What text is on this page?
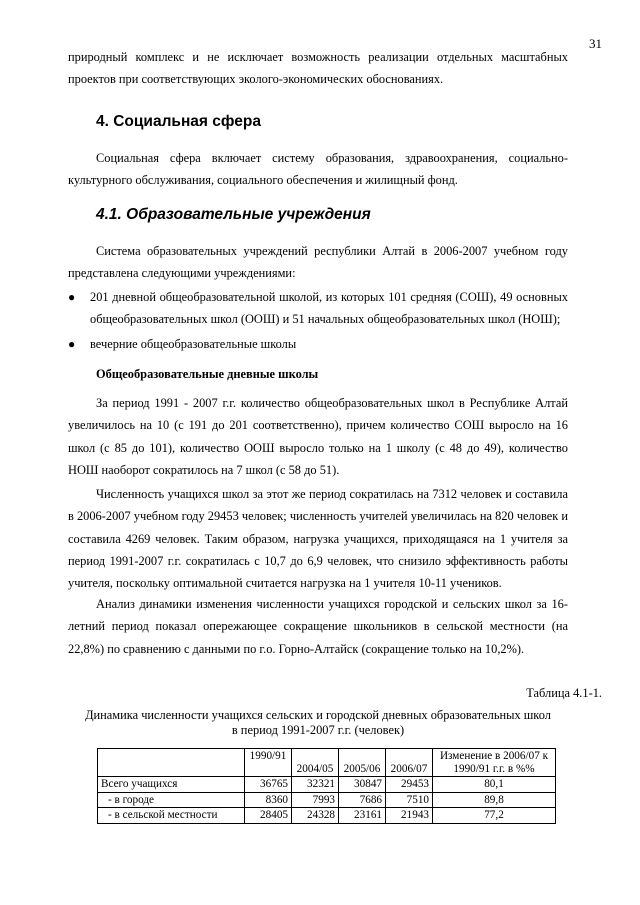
31

природный комплекс и не исключает возможность реализации отдельных масштабных проектов при соответствующих эколого-экономических обоснованиях.

4. Социальная сфера

Социальная сфера включает систему образования, здравоохранения, социально-культурного обслуживания, социального обеспечения и жилищный фонд.

4.1. Образовательные учреждения

Система образовательных учреждений республики Алтай в 2006-2007 учебном году представлена следующими учреждениями:

● 201 дневной общеобразовательной школой, из которых 101 средняя (СОШ), 49 основных общеобразовательных школ (ООШ) и 51 начальных общеобразовательных школ (НОШ);
● вечерние общеобразовательные школы

Общеобразовательные дневные школы

За период 1991 - 2007 г.г. количество общеобразовательных школ в Республике Алтай увеличилось на 10 (с 191 до 201 соответственно), причем количество СОШ выросло на 16 школ (с 85 до 101), количество ООШ выросло только на 1 школу (с 48 до 49), количество НОШ наоборот сократилось на 7 школ (с 58 до 51).

Численность учащихся школ за этот же период сократилась на 7312 человек и составила в 2006-2007 учебном году 29453 человек; численность учителей увеличилась на 820 человек и составила 4269 человек. Таким образом, нагрузка учащихся, приходящаяся на 1 учителя за период 1991-2007 г.г. сократилась с 10,7 до 6,9 человек, что снизило эффективность работы учителя, поскольку оптимальной считается нагрузка на 1 учителя 10-11 учеников.

Анализ динамики изменения численности учащихся городской и сельских школ за 16-летний период показал опережающее сокращение школьников в сельской местности (на 22,8%) по сравнению с данными по г.о. Горно-Алтайск (сокращение только на 10,2%).

Таблица 4.1-1.
Динамика численности учащихся сельских и городской дневных образовательных школ
в период 1991-2007 г.г. (человек)
	1990/91	2004/05	2005/06	2006/07	Изменение в 2006/07 к 1990/91 г.г. в %%
Всего учащихся	36765	32321	30847	29453	80,1
- в городе	8360	7993	7686	7510	89,8
- в сельской местности	28405	24328	23161	21943	77,2
